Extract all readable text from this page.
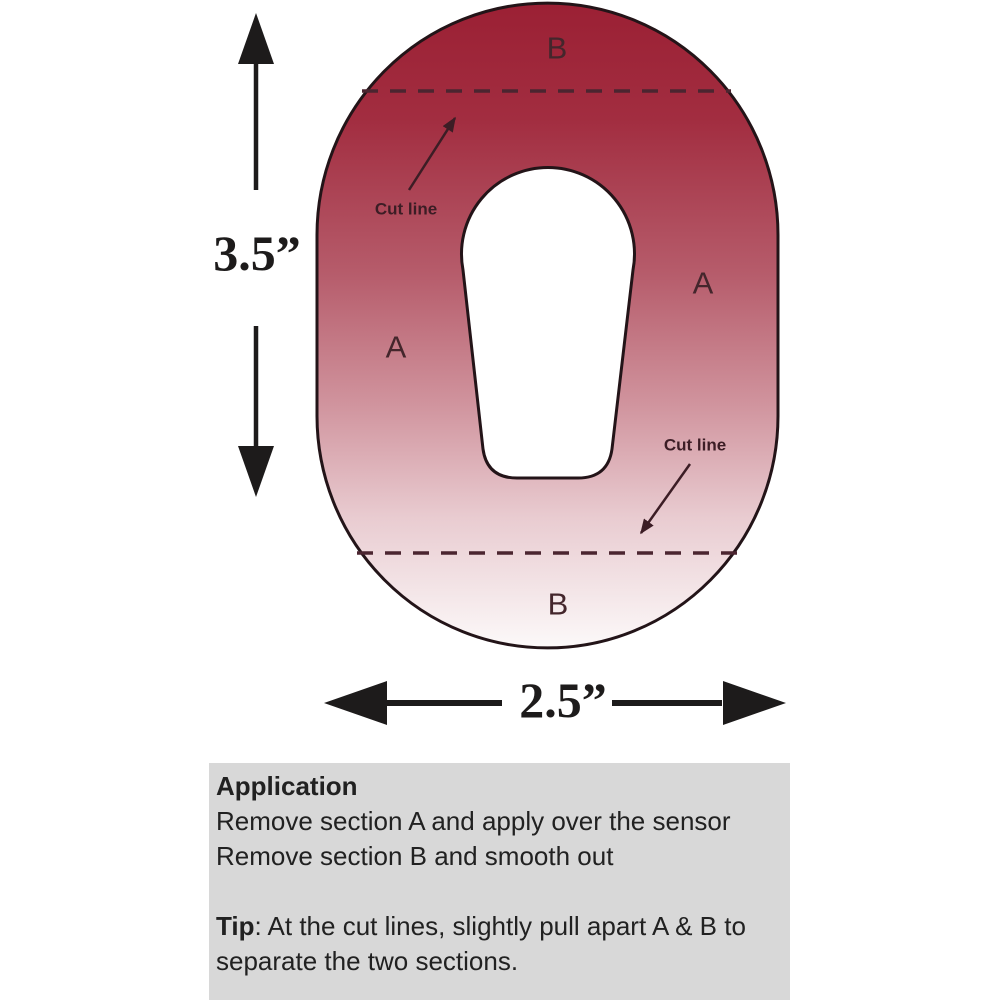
B
A
A
B
Cut line
Cut line
3.5”
2.5”

Application

Remove section A and apply over the sensor

Remove section B and smooth out

Tip: At the cut lines, slightly pull apart A & B to

separate the two sections.
